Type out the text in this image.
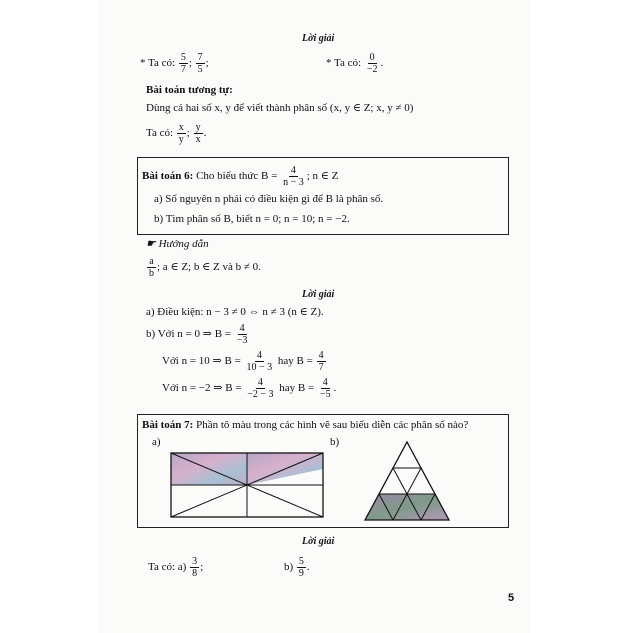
Lời giải
* Ta có: $\frac{5}{7}$ ; $\frac{7}{5}$ ;	* Ta có: $\frac{0}{-2}$ .
Bài toán tương tự:
Dùng cả hai số x, y để viết thành phân số (x, y ∈ Z; x, y ≠ 0)
Ta có: $\frac{x}{y}$ ; $\frac{y}{x}$ .
Bài toán 6: Cho biểu thức $B = \frac{4}{n - 3}$ ; n ∈ Z
a) Số nguyên n phải có điều kiện gì để B là phân số.
b) Tìm phân số B, biết n = 0; n = 10; n = −2.
☛ Hướng dẫn
$\frac{a}{b}$ ; a ∈ Z; b ∈ Z và b ≠ 0.
Lời giải
a) Điều kiện: n − 3 ≠ 0 ⇔ n ≠ 3 (n ∈ Z).
b) Với n = 0 ⇒ $B = \frac{4}{-3}$
Với n = 10 ⇒ $B = \frac{4}{10 - 3}$ hay $B = \frac{4}{7}$
Với n = −2 ⇒ $B = \frac{4}{-2 - 3}$ hay $B = \frac{4}{-5}$ .
Bài toán 7: Phần tô màu trong các hình vẽ sau biểu diễn các phân số nào?
a)	b)
Lời giải
Ta có: $a) \frac{3}{8}$ ;	$b) \frac{5}{9}$ .
5
